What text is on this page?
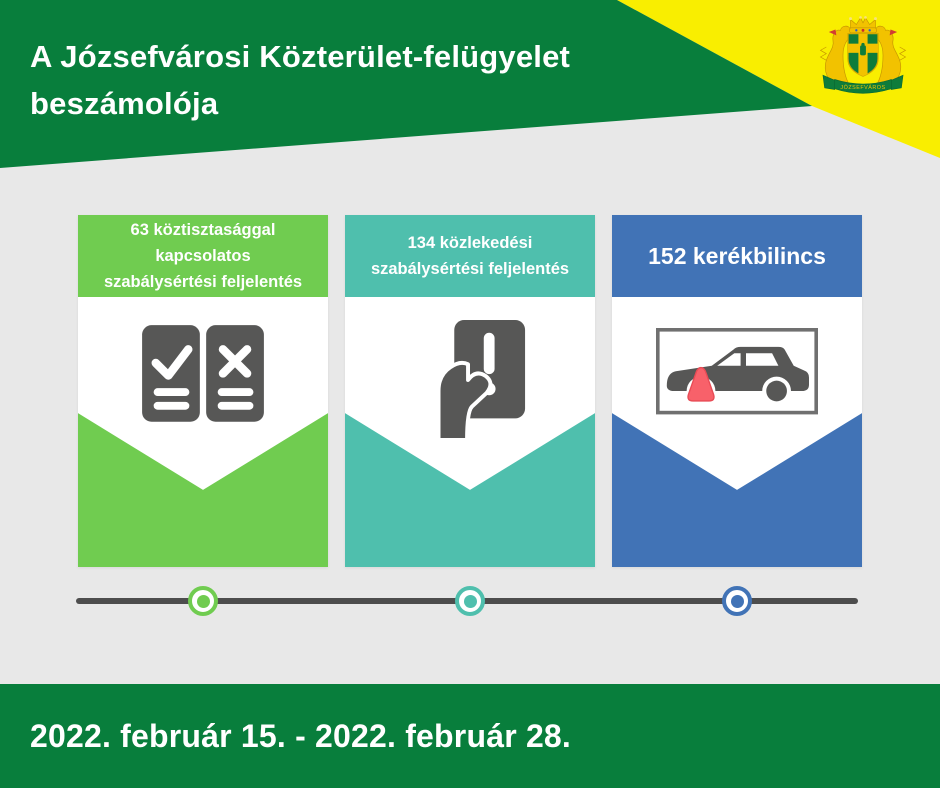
A Józsefvárosi Közterület-felügyelet
beszámolója	JÓZSEFVÁROS
63 köztisztasággal
kapcsolatos
szabálysértési feljelentés
134 közlekedési
szabálysértési feljelentés	152 kerékbilincs
2022. február 15. - 2022. február 28.
